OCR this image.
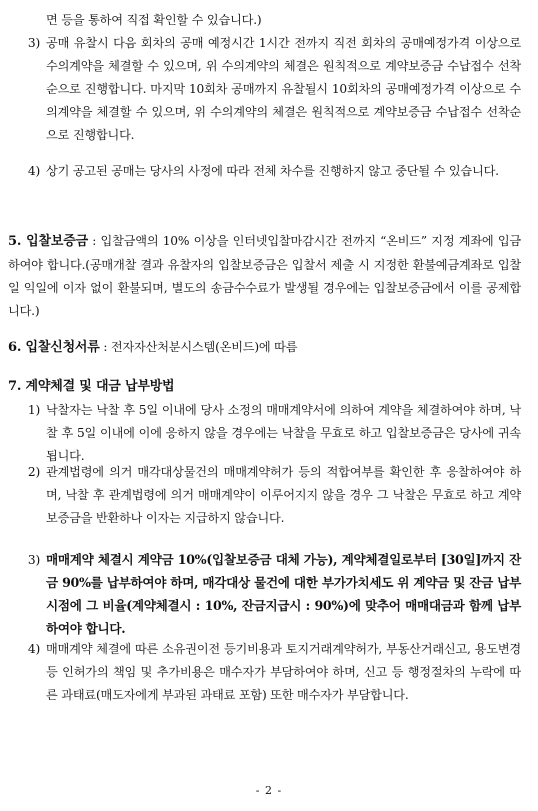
면 등을 통하여 직접 확인할 수 있습니다.)

3) 공매 유찰시 다음 회차의 공매 예정시간 1시간 전까지 직전 회차의 공매예정가격 이상으로 수의계약을 체결할 수 있으며, 위 수의계약의 체결은 원칙적으로 계약보증금 수납접수 선착순으로 진행합니다. 마지막 10회차 공매까지 유찰될시 10회차의 공매예정가격 이상으로 수의계약을 체결할 수 있으며, 위 수의계약의 체결은 원칙적으로 계약보증금 수납접수 선착순으로 진행합니다.

4) 상기 공고된 공매는 당사의 사정에 따라 전체 차수를 진행하지 않고 중단될 수 있습니다.

5. 입찰보증금 : 입찰금액의 10% 이상을 인터넷입찰마감시간 전까지 “온비드” 지정 계좌에 입금하여야 합니다.(공매개찰 결과 유찰자의 입찰보증금은 입찰서 제출 시 지정한 환불예금계좌로 입찰일 익일에 이자 없이 환불되며, 별도의 송금수수료가 발생될 경우에는 입찰보증금에서 이를 공제합니다.)

6. 입찰신청서류 : 전자자산처분시스템(온비드)에 따름

7. 계약체결 및 대금 납부방법

1) 낙찰자는 낙찰 후 5일 이내에 당사 소정의 매매계약서에 의하여 계약을 체결하여야 하며, 낙찰 후 5일 이내에 이에 응하지 않을 경우에는 낙찰을 무효로 하고 입찰보증금은 당사에 귀속됩니다.

2) 관계법령에 의거 매각대상물건의 매매계약허가 등의 적합여부를 확인한 후 응찰하여야 하며, 낙찰 후 관계법령에 의거 매매계약이 이루어지지 않을 경우 그 낙찰은 무효로 하고 계약보증금을 반환하나 이자는 지급하지 않습니다.

3) 매매계약 체결시 계약금 10%(입찰보증금 대체 가능), 계약체결일로부터 [30일]까지 잔금 90%를 납부하여야 하며, 매각대상 물건에 대한 부가가치세도 위 계약금 및 잔금 납부시점에 그 비율(계약체결시 : 10%, 잔금지급시 : 90%)에 맞추어 매매대금과 함께 납부하여야 합니다.

4) 매매계약 체결에 따른 소유권이전 등기비용과 토지거래계약허가, 부동산거래신고, 용도변경 등 인허가의 책임 및 추가비용은 매수자가 부담하여야 하며, 신고 등 행정절차의 누락에 따른 과태료(매도자에게 부과된 과태료 포함) 또한 매수자가 부담합니다.

- 2 -
